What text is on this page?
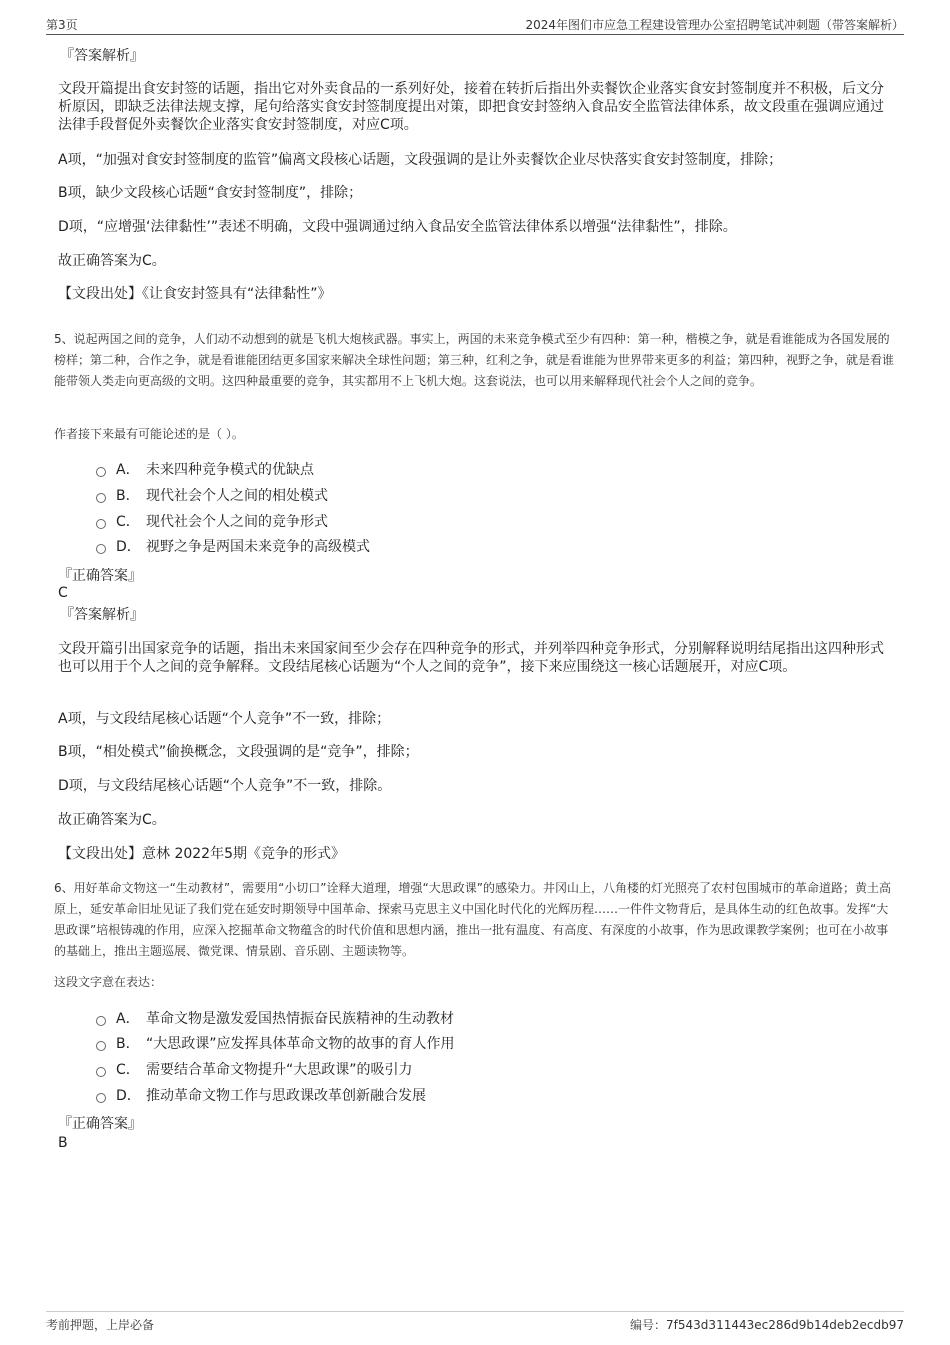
第3页	2024年图们市应急工程建设管理办公室招聘笔试冲刺题（带答案解析）

『答案解析』

文段开篇提出食安封签的话题，指出它对外卖食品的一系列好处，接着在转折后指出外卖餐饮企业落实食安封签制度并不积极，后文分析原因，即缺乏法律法规支撑，尾句给落实食安封签制度提出对策，即把食安封签纳入食品安全监管法律体系，故文段重在强调应通过法律手段督促外卖餐饮企业落实食安封签制度，对应C项。

A项，“加强对食安封签制度的监管”偏离文段核心话题，文段强调的是让外卖餐饮企业尽快落实食安封签制度，排除；

B项，缺少文段核心话题“食安封签制度”，排除；

D项，“应增强‘法律黏性’”表述不明确，文段中强调通过纳入食品安全监管法律体系以增强“法律黏性”，排除。

故正确答案为C。

【文段出处】《让食安封签具有“法律黏性”》

5、说起两国之间的竞争，人们动不动想到的就是飞机大炮核武器。事实上，两国的未来竞争模式至少有四种：第一种，楷模之争，就是看谁能成为各国发展的榜样；第二种，合作之争，就是看谁能团结更多国家来解决全球性问题；第三种，红利之争，就是看谁能为世界带来更多的利益；第四种，视野之争，就是看谁能带领人类走向更高级的文明。这四种最重要的竞争，其实都用不上飞机大炮。这套说法，也可以用来解释现代社会个人之间的竞争。

作者接下来最有可能论述的是（ ）。

A． 未来四种竞争模式的优缺点
B． 现代社会个人之间的相处模式
C． 现代社会个人之间的竞争形式
D． 视野之争是两国未来竞争的高级模式

『正确答案』

C

『答案解析』

文段开篇引出国家竞争的话题，指出未来国家间至少会存在四种竞争的形式，并列举四种竞争形式，分别解释说明结尾指出这四种形式也可以用于个人之间的竞争解释。文段结尾核心话题为“个人之间的竞争”，接下来应围绕这一核心话题展开，对应C项。

A项，与文段结尾核心话题“个人竞争”不一致，排除；

B项，“相处模式”偷换概念，文段强调的是“竞争”，排除；

D项，与文段结尾核心话题“个人竞争”不一致，排除。

故正确答案为C。

【文段出处】意林 2022年5期《竞争的形式》

6、用好革命文物这一“生动教材”，需要用“小切口”诠释大道理，增强“大思政课”的感染力。井冈山上，八角楼的灯光照亮了农村包围城市的革命道路；黄土高原上，延安革命旧址见证了我们党在延安时期领导中国革命、探索马克思主义中国化时代化的光辉历程……一件件文物背后，是具体生动的红色故事。发挥“大思政课”培根铸魂的作用，应深入挖掘革命文物蕴含的时代价值和思想内涵，推出一批有温度、有高度、有深度的小故事，作为思政课教学案例；也可在小故事的基础上，推出主题巡展、微党课、情景剧、音乐剧、主题读物等。

这段文字意在表达：

A． 革命文物是激发爱国热情振奋民族精神的生动教材
B． “大思政课”应发挥具体革命文物的故事的育人作用
C． 需要结合革命文物提升“大思政课”的吸引力
D． 推动革命文物工作与思政课改革创新融合发展

『正确答案』

B

考前押题，上岸必备	编号：7f543d311443ec286d9b14deb2ecdb97
